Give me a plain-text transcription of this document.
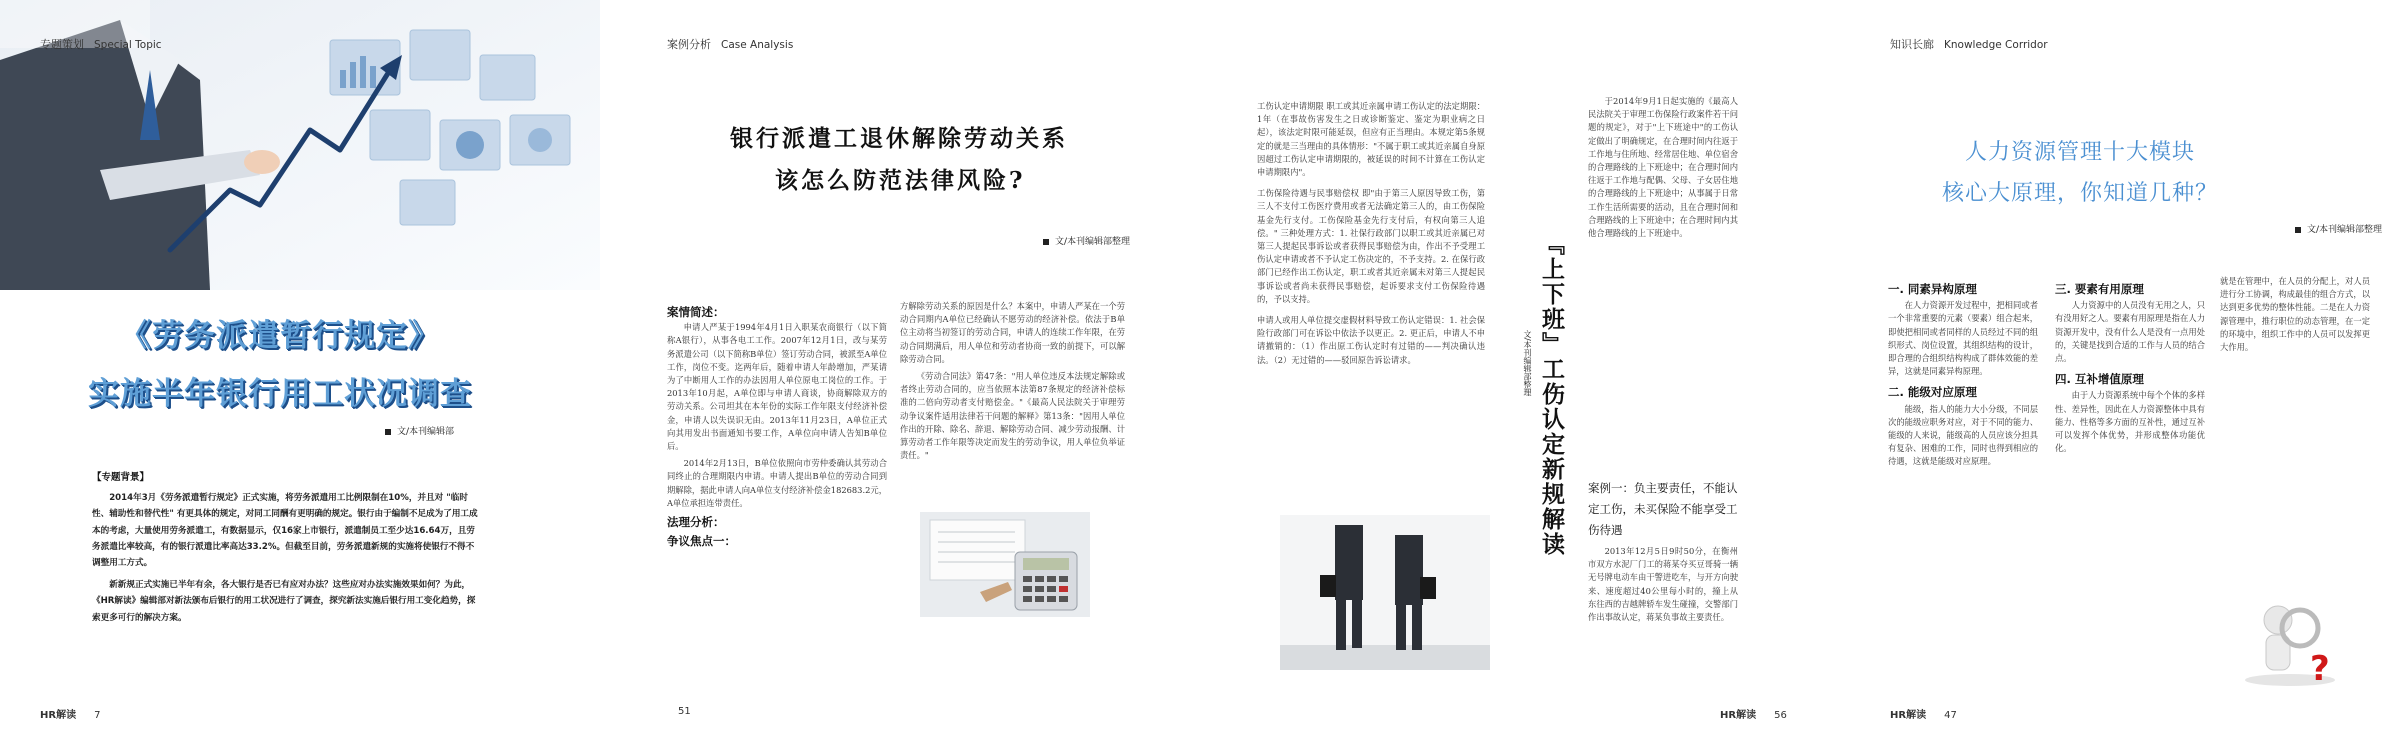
专题策划 Special Topic
《劳务派遣暂行规定》
实施半年银行用工状况调查
文/本刊编辑部
【专题背景】

2014年3月《劳务派遣暂行规定》正式实施，将劳务派遣用工比例限制在10%，并且对 "临时性、辅助性和替代性" 有更具体的规定，对同工同酬有更明确的规定。银行由于编制不足成为了用工成本的考虑，大量使用劳务派遣工，有数据显示，仅16家上市银行，派遣制员工至少达16.64万，且劳务派遣比率较高，有的银行派遣比率高达33.2%。但截至目前，劳务派遣新规的实施将使银行不得不调整用工方式。

新新规正式实施已半年有余，各大银行是否已有应对办法？这些应对办法实施效果如何？为此，《HR解读》编辑部对新法颁布后银行的用工状况进行了调查，探究新法实施后银行用工变化趋势，探索更多可行的解决方案。

HR解读 7
案例分析 Case Analysis
银行派遣工退休解除劳动关系
该怎么防范法律风险?
文/本刊编辑部整理
案情简述：

申请人严某于1994年4月1日入职某农商银行（以下简称A银行），从事各电工工作。2007年12月1日，改与某劳务派遣公司（以下简称B单位）签订劳动合同，被派至A单位工作，岗位不变。迄两年后，随着申请人年龄增加，严某请为了中断用人工作的办法因用人单位原电工岗位的工作。于2013年10月起，A单位即与申请人商谈，协商解除双方的劳动关系。公司坦其在本年份的实际工作年限支付经济补偿金，申请人以失误识无由。2013年11月23日，A单位正式向其用发出书面通知书要工作，A单位向申请人告知B单位后。

2014年2月13日，B单位依照向市劳仲委确认其劳动合同终止的合理期限内申请。申请人提出B单位的劳动合同到期解除，据此申请人向A单位支付经济补偿金182683.2元，A单位承担连带责任。

法理分析：
争议焦点一：

方解除劳动关系的原因是什么？本案中，申请人严某在一个劳动合同期内A单位已经确认不愿劳动的经济补偿。依法于B单位主动将当初签订的劳动合同，申请人的连续工作年限，在劳动合同期满后，用人单位和劳动者协商一致的前提下，可以解除劳动合同。

《劳动合同法》第47条："用人单位违反本法规定解除或者终止劳动合同的，应当依照本法第87条规定的经济补偿标准的二倍向劳动者支付赔偿金。"《最高人民法院关于审理劳动争议案件适用法律若干问题的解释》第13条："因用人单位作出的开除、除名、辞退、解除劳动合同、减少劳动报酬、计算劳动者工作年限等决定而发生的劳动争议，用人单位负举证责任。"

工伤认定申请期限 职工或其近亲属申请工伤认定的法定期限：1年（在事故伤害发生之日或诊断鉴定、鉴定为职业病之日起），该法定时限可能延误，但应有正当理由。本规定第5条规定的就是三当理由的具体情形："不属于职工或其近亲属自身原因超过工伤认定申请期限的，被延误的时间不计算在工伤认定申请期限内"。

工伤保险待遇与民事赔偿权 即"由于第三人原因导致工伤，第三人不支付工伤医疗费用或者无法确定第三人的，由工伤保险基金先行支付。工伤保险基金先行支付后，有权向第三人追偿。" 三种处理方式：1. 社保行政部门以职工或其近亲属已对第三人提起民事诉讼或者获得民事赔偿为由，作出不予受理工伤认定申请或者不予认定工伤决定的，不予支持。2. 在保行政部门已经作出工伤认定，职工或者其近亲属未对第三人提起民事诉讼或者尚未获得民事赔偿，起诉要求支付工伤保险待遇的，予以支持。

申请人或用人单位提交虚假材料导致工伤认定错误：1. 社会保险行政部门可在诉讼中依法予以更正。2. 更正后，申请人不申请撤销的：（1）作出原工伤认定时有过错的——判决确认违法。（2）无过错的——驳回原告诉讼请求。	『上下班』工伤认定新规解读
文/本刊编辑部整理

于2014年9月1日起实施的《最高人民法院关于审理工伤保险行政案件若干问题的规定》，对于"上下班途中"的工伤认定做出了明确规定，在合理时间内往返于工作地与住所地、经常居住地、单位宿舍的合理路线的上下班途中；在合理时间内往返于工作地与配偶、父母、子女居住地的合理路线的上下班途中；从事属于日常工作生活所需要的活动，且在合理时间和合理路线的上下班途中；在合理时间内其他合理路线的上下班途中。

案例一：负主要责任，不能认定工伤，未买保险不能享受工伤待遇

2013年12月5日9时50分，在衡州市双方水泥厂门工的蒋某夺买豆哥骑一辆无号牌电动车由干警进吃车，与开方向驶来、速度超过40公里每小时的，撞上从东往西的吉越牌轿车发生碰撞，交警部门作出事故认定，蒋某负事故主要责任。

HR解读 56
51
知识长廊 Knowledge Corridor
文/本刊编辑部整理
一. 同素异构原理

在人力资源开发过程中，把相同或者一个非常重要的元素（要素）组合起来，即使把相同或者同样的人员经过不同的组织形式、岗位设置，其组织结构的设计，即合理的合组织结构构成了群体效能的差异，这就是同素异构原理。

二. 能级对应原理

能级，指人的能力大小分级，不同层次的能级应职务对应，对于不同的能力、能级的人来说，能级高的人员应该分担具有复杂、困难的工作，同时也得到相应的待遇，这就是能级对应原理。

三. 要素有用原理

人力资源中的人员没有无用之人，只有没用好之人。要素有用原理是指在人力资源开发中，没有什么人是没有一点用处的，关键是找到合适的工作与人员的结合点。

四. 互补增值原理

由于人力资源系统中每个个体的多样性、差异性，因此在人力资源整体中具有能力、性格等多方面的互补性，通过互补可以发挥个体优势，并形成整体功能优化。

就是在管理中，在人员的分配上，对人员进行分工协调，构成最佳的组合方式，以达到更多优势的整体性能。二是在人力资源管理中，推行职位的动态管理，在一定的环境中，组织工作中的人员可以发挥更大作用。

?
HR解读 47
人力资源管理十大模块
核心大原理，你知道几种？
